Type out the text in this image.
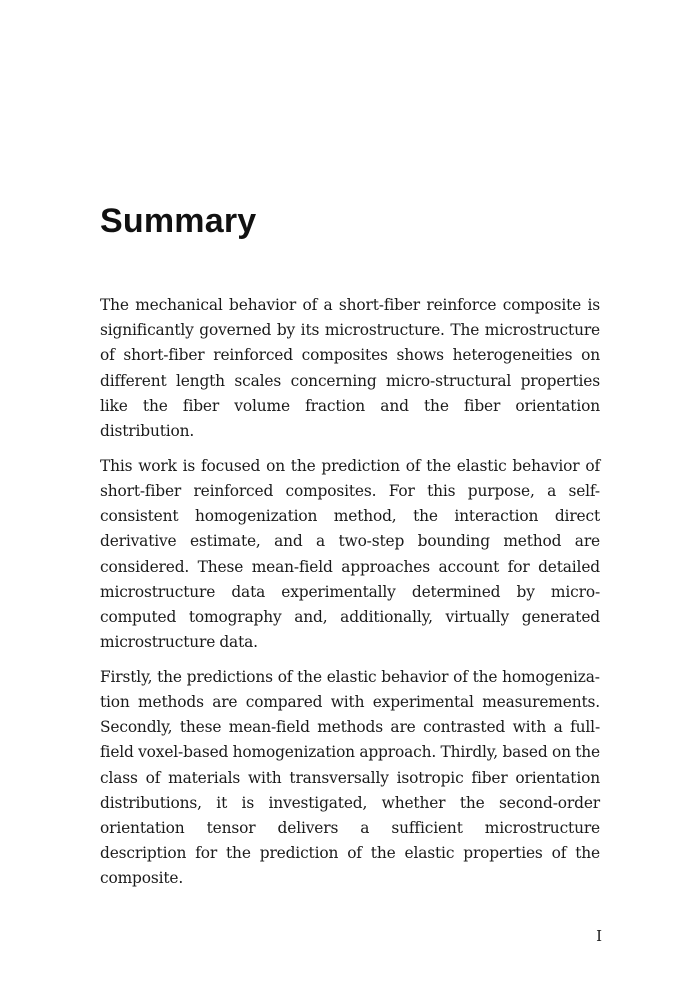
Summary

The mechanical behavior of a short-fiber reinforce composite is significantly governed by its microstructure. The microstructure of short-fiber reinforced composites shows heterogeneities on different length scales concerning micro-structural properties like the fiber volume fraction and the fiber orientation distribution.

This work is focused on the prediction of the elastic behavior of short-fiber reinforced composites. For this purpose, a self-consistent homogenization method, the interaction direct derivative estimate, and a two-step bounding method are considered. These mean-field approaches account for detailed microstructure data experimentally determined by micro-computed tomography and, additionally, virtually generated microstructure data.

Firstly, the predictions of the elastic behavior of the homogenization methods are compared with experimental measurements. Secondly, these mean-field methods are contrasted with a full-field voxel-based homogenization approach. Thirdly, based on the class of materials with transversally isotropic fiber orientation distributions, it is investigated, whether the second-order orientation tensor delivers a sufficient microstructure description for the prediction of the elastic properties of the composite.

I
